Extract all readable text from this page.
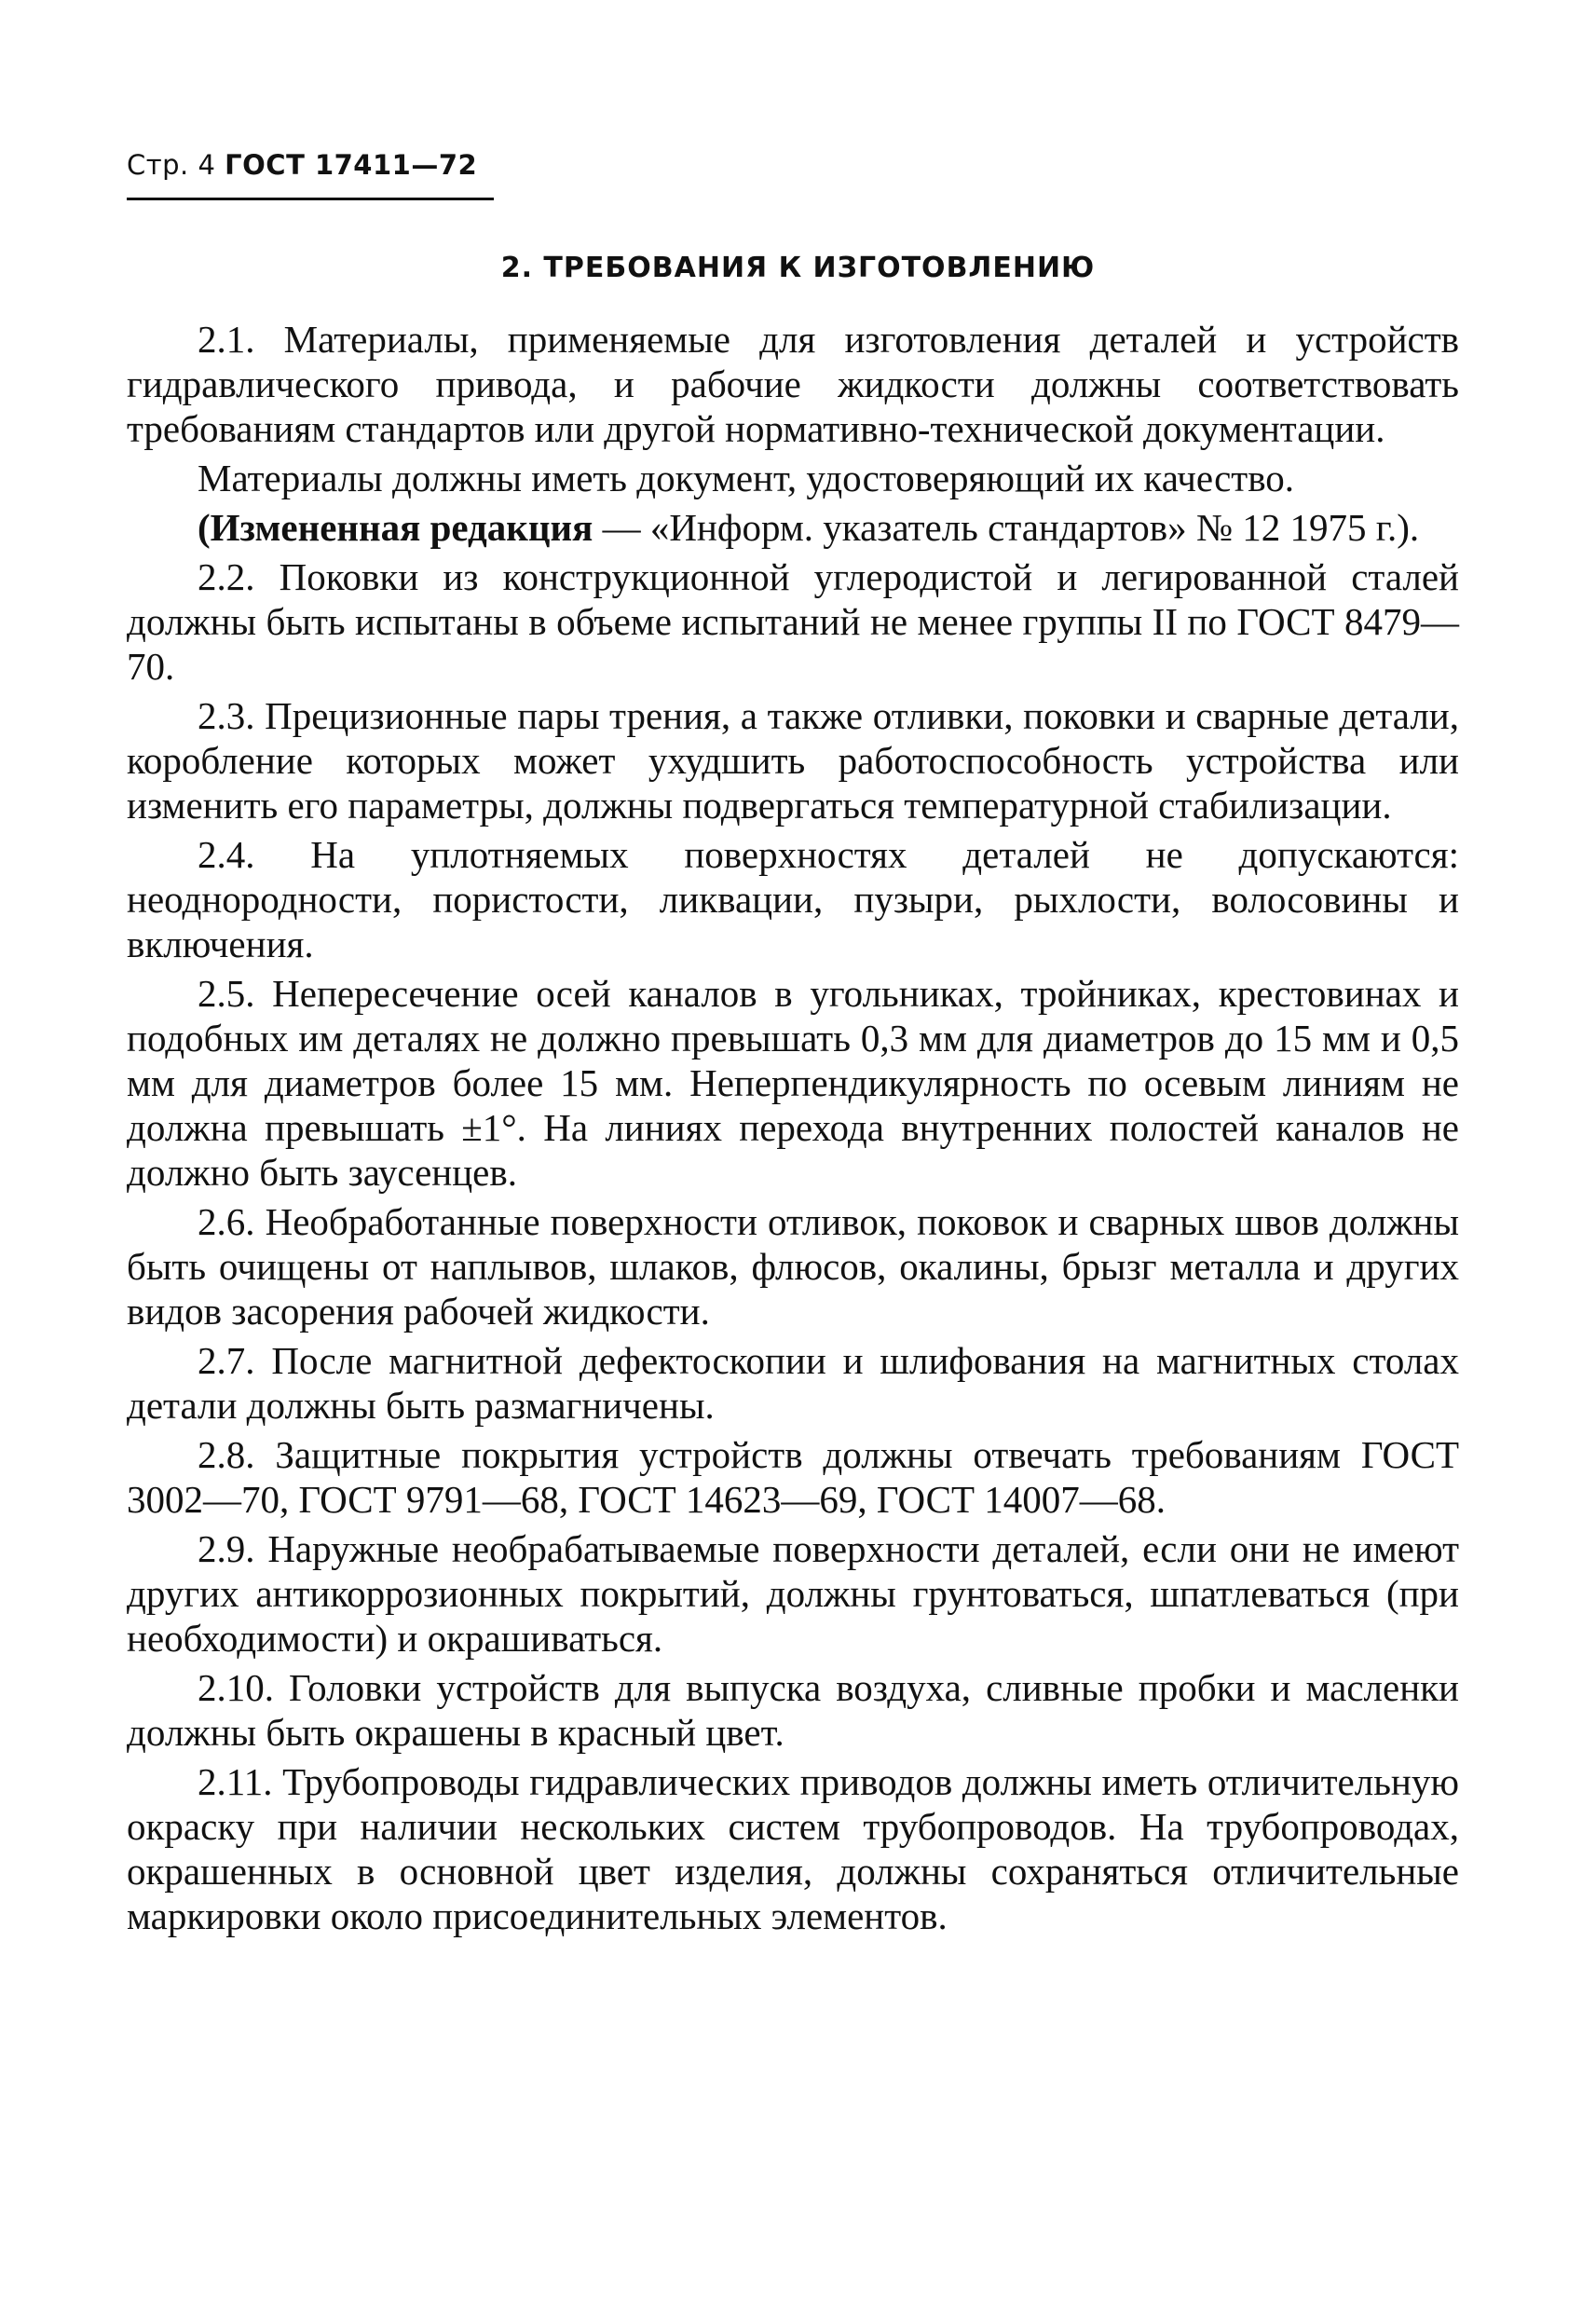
Стр. 4 ГОСТ 17411—72
2. ТРЕБОВАНИЯ К ИЗГОТОВЛЕНИЮ

2.1. Материалы, применяемые для изготовления деталей и устройств гидравлического привода, и рабочие жидкости должны соответствовать требованиям стандартов или другой нормативно-технической документации.

Материалы должны иметь документ, удостоверяющий их качество.

(Измененная редакция — «Информ. указатель стандартов» № 12 1975 г.).

2.2. Поковки из конструкционной углеродистой и легированной сталей должны быть испытаны в объеме испытаний не менее группы II по ГОСТ 8479—70.

2.3. Прецизионные пары трения, а также отливки, поковки и сварные детали, коробление которых может ухудшить работоспособность устройства или изменить его параметры, должны подвергаться температурной стабилизации.

2.4. На уплотняемых поверхностях деталей не допускаются: неоднородности, пористости, ликвации, пузыри, рыхлости, волосовины и включения.

2.5. Непересечение осей каналов в угольниках, тройниках, крестовинах и подобных им деталях не должно превышать 0,3 мм для диаметров до 15 мм и 0,5 мм для диаметров более 15 мм. Неперпендикулярность по осевым линиям не должна превышать ±1°. На линиях перехода внутренних полостей каналов не должно быть заусенцев.

2.6. Необработанные поверхности отливок, поковок и сварных швов должны быть очищены от наплывов, шлаков, флюсов, окалины, брызг металла и других видов засорения рабочей жидкости.

2.7. После магнитной дефектоскопии и шлифования на магнитных столах детали должны быть размагничены.

2.8. Защитные покрытия устройств должны отвечать требованиям ГОСТ 3002—70, ГОСТ 9791—68, ГОСТ 14623—69, ГОСТ 14007—68.

2.9. Наружные необрабатываемые поверхности деталей, если они не имеют других антикоррозионных покрытий, должны грунтоваться, шпатлеваться (при необходимости) и окрашиваться.

2.10. Головки устройств для выпуска воздуха, сливные пробки и масленки должны быть окрашены в красный цвет.

2.11. Трубопроводы гидравлических приводов должны иметь отличительную окраску при наличии нескольких систем трубопроводов. На трубопроводах, окрашенных в основной цвет изделия, должны сохраняться отличительные маркировки около присоединительных элементов.
